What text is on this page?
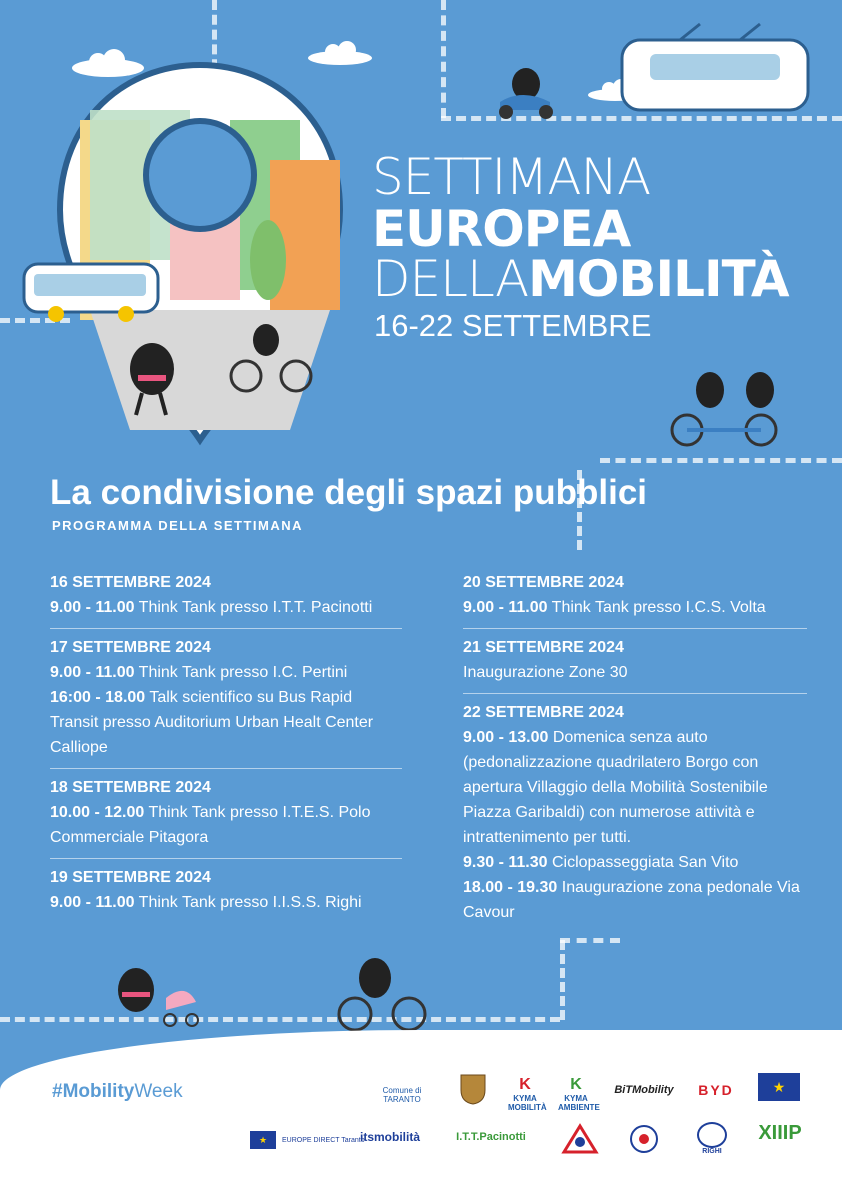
SETTIMANA
EUROPEA
DELLAMOBILITÀ
16-22 SETTEMBRE
La condivisione degli spazi pubblici
PROGRAMMA DELLA SETTIMANA
16 SETTEMBRE 2024

9.00 - 11.00 Think Tank presso I.T.T. Pacinotti

17 SETTEMBRE 2024

9.00 - 11.00 Think Tank presso I.C. Pertini

16:00 - 18.00 Talk scientifico su Bus Rapid Transit presso Auditorium Urban Healt Center Calliope

18 SETTEMBRE 2024

10.00 - 12.00 Think Tank presso I.T.E.S. Polo Commerciale Pitagora

19 SETTEMBRE 2024

9.00 - 11.00 Think Tank presso I.I.S.S. Righi

20 SETTEMBRE 2024

9.00 - 11.00 Think Tank presso I.C.S. Volta

21 SETTEMBRE 2024

Inaugurazione Zone 30

22 SETTEMBRE 2024

9.00 - 13.00 Domenica senza auto (pedonalizzazione quadrilatero Borgo con apertura Villaggio della Mobilità Sostenibile Piazza Garibaldi) con numerose attività e intrattenimento per tutti.

9.30 - 11.30 Ciclopasseggiata San Vito

18.00 - 19.30 Inaugurazione zona pedonale Via Cavour

#MobilityWeek	Comune di TARANTO
K
KYMA MOBILITÀ
K
KYMA AMBIENTE
BiTMobility	BYD	★
★	EUROPE DIRECT Taranto
itsmobilità	I.T.T.Pacinotti
RIGHI
XIIIP
